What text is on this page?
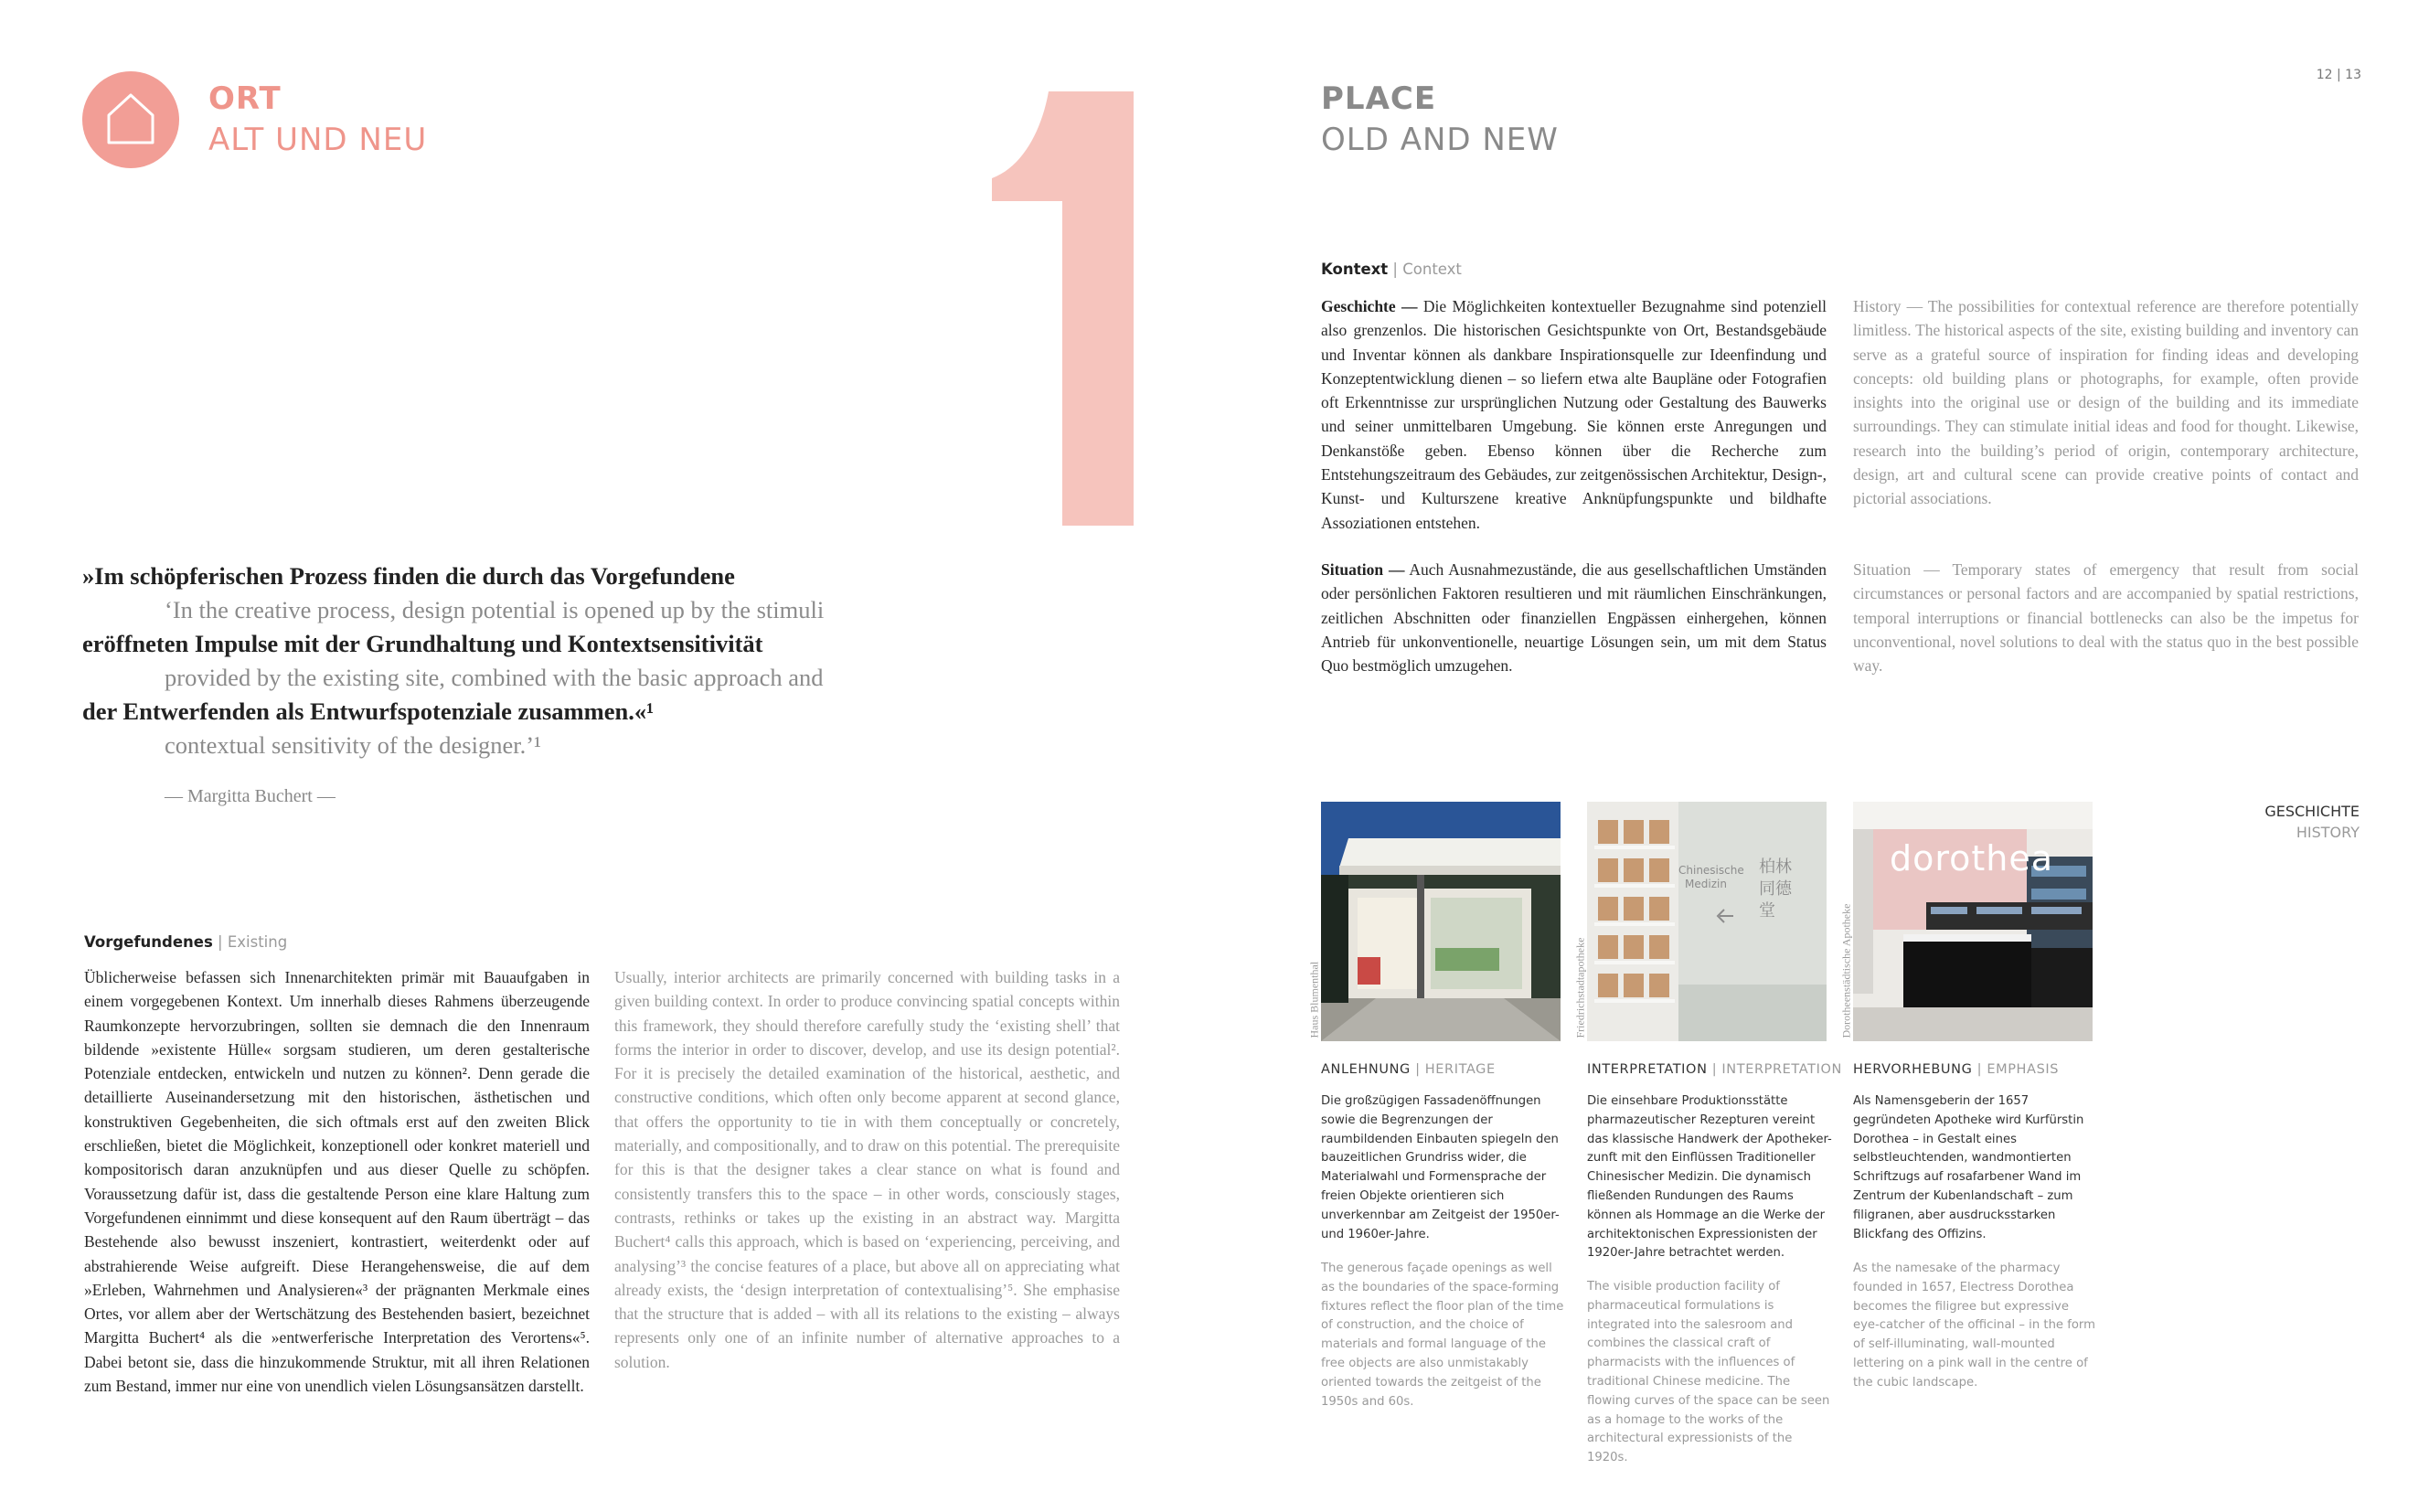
ORT
ALT UND NEU
PLACE
OLD AND NEW
12 | 13
»Im schöpferischen Prozess finden die durch das Vorgefundene
‘In the creative process, design potential is opened up by the stimuli
eröffneten Impulse mit der Grundhaltung und Kontextsensitivität
provided by the existing site, combined with the basic approach and
der Entwerfenden als Entwurfspotenziale zusammen.«¹
contextual sensitivity of the designer.’¹
— Margitta Buchert —
Vorgefundenes | Existing
Üblicherweise befassen sich Innenarchitekten primär mit Bauaufgaben in einem vorgegebenen Kontext. Um innerhalb dieses Rahmens überzeugende Raumkonzepte hervorzubringen, sollten sie demnach die den Innenraum bildende »existente Hülle« sorgsam studieren, um deren gestalterische Potenziale entdecken, entwickeln und nutzen zu können². Denn gerade die detaillierte Auseinandersetzung mit den historischen, ästhetischen und konstruktiven Gegebenheiten, die sich oftmals erst auf den zweiten Blick erschließen, bietet die Möglichkeit, konzeptionell oder konkret materiell und kompositorisch daran anzuknüpfen und aus dieser Quelle zu schöpfen. Voraussetzung dafür ist, dass die gestaltende Person eine klare Haltung zum Vorgefundenen einnimmt und diese konsequent auf den Raum überträgt – das Bestehende also bewusst inszeniert, kontrastiert, weiterdenkt oder auf abstrahierende Weise aufgreift. Diese Herangehensweise, die auf dem »Erleben, Wahrnehmen und Analysieren«³ der prägnanten Merkmale eines Ortes, vor allem aber der Wertschätzung des Bestehenden basiert, bezeichnet Margitta Buchert⁴ als die »entwerferische Interpretation des Verortens«⁵. Dabei betont sie, dass die hinzukommende Struktur, mit all ihren Relationen zum Bestand, immer nur eine von unendlich vielen Lösungsansätzen darstellt.
Usually, interior architects are primarily concerned with building tasks in a given building context. In order to produce convincing spatial concepts within this framework, they should therefore carefully study the ‘existing shell’ that forms the interior in order to discover, develop, and use its design potential². For it is precisely the detailed examination of the historical, aesthetic, and constructive conditions, which often only become apparent at second glance, that offers the opportunity to tie in with them conceptually or concretely, materially, and compositionally, and to draw on this potential. The prerequisite for this is that the designer takes a clear stance on what is found and consistently transfers this to the space – in other words, consciously stages, contrasts, rethinks or takes up the existing in an abstract way. Margitta Buchert⁴ calls this approach, which is based on ‘experiencing, perceiving, and analysing’³ the concise features of a place, but above all on appreciating what already exists, the ‘design interpretation of contextualising’⁵. She emphasise that the structure that is added – with all its relations to the existing – always represents only one of an infinite number of alternative approaches to a solution.
Kontext | Context
Geschichte — Die Möglichkeiten kontextueller Bezugnahme sind potenziell also grenzenlos. Die historischen Gesichtspunkte von Ort, Bestandsgebäude und Inventar können als dankbare Inspirationsquelle zur Ideenfindung und Konzeptentwicklung dienen – so liefern etwa alte Baupläne oder Fotografien oft Erkenntnisse zur ursprünglichen Nutzung oder Gestaltung des Bauwerks und seiner unmittelbaren Umgebung. Sie können erste Anregungen und Denkanstöße geben. Ebenso können über die Recherche zum Entstehungszeitraum des Gebäudes, zur zeitgenössischen Architektur, Design-, Kunst- und Kulturszene kreative Anknüpfungspunkte und bildhafte Assoziationen entstehen.
History — The possibilities for contextual reference are therefore potentially limitless. The historical aspects of the site, existing building and inventory can serve as a grateful source of inspiration for finding ideas and developing concepts: old building plans or photographs, for example, often provide insights into the original use or design of the building and its immediate surroundings. They can stimulate initial ideas and food for thought. Likewise, research into the building’s period of origin, contemporary architecture, design, art and cultural scene can provide creative points of contact and pictorial associations.
Situation — Auch Ausnahmezustände, die aus gesellschaftlichen Umständen oder persönlichen Faktoren resultieren und mit räumlichen Einschränkungen, zeitlichen Abschnitten oder finanziellen Engpässen einhergehen, können Antrieb für unkonventionelle, neuartige Lösungen sein, um mit dem Status Quo bestmöglich umzugehen.
Situation — Temporary states of emergency that result from social circumstances or personal factors and are accompanied by spatial restrictions, temporal interruptions or financial bottlenecks can also be the impetus for unconventional, novel solutions to deal with the status quo in the best possible way.
GESCHICHTE
HISTORY
Haus Blumenthal
ANLEHNUNG | HERITAGE
Die großzügigen Fassadenöffnungen sowie die Begrenzungen der raumbildenden Einbauten spiegeln den bauzeitlichen Grundriss wider, die Materialwahl und Formensprache der freien Objekte orientieren sich unverkennbar am Zeitgeist der 1950er- und 1960er-Jahre.
The generous façade openings as well as the boundaries of the space-forming fixtures reflect the floor plan of the time of construction, and the choice of materials and formal language of the free objects are also unmistakably oriented towards the zeitgeist of the 1950s and 60s.
Friedrichstadtapotheke
Chinesische Medizin
柏林 同德堂
INTERPRETATION | INTERPRETATION
Die einsehbare Produktionsstätte pharmazeutischer Rezepturen vereint das klassische Handwerk der Apotheker-zunft mit den Einflüssen Traditioneller Chinesischer Medizin. Die dynamisch fließenden Rundungen des Raums können als Hommage an die Werke der architektonischen Expressionisten der 1920er-Jahre betrachtet werden.
The visible production facility of pharmaceutical formulations is integrated into the salesroom and combines the classical craft of pharmacists with the influences of traditional Chinese medicine. The flowing curves of the space can be seen as a homage to the works of the architectural expressionists of the 1920s.
Dorotheenstädtische Apotheke
dorothea
HERVORHEBUNG | EMPHASIS
Als Namensgeberin der 1657 gegründeten Apotheke wird Kurfürstin Dorothea – in Gestalt eines selbstleuchtenden, wandmontierten Schriftzugs auf rosafarbener Wand im Zentrum der Kubenlandschaft – zum filigranen, aber ausdrucksstarken Blickfang des Offizins.
As the namesake of the pharmacy founded in 1657, Electress Dorothea becomes the filigree but expressive eye-catcher of the officinal – in the form of self-illuminating, wall-mounted lettering on a pink wall in the centre of the cubic landscape.
